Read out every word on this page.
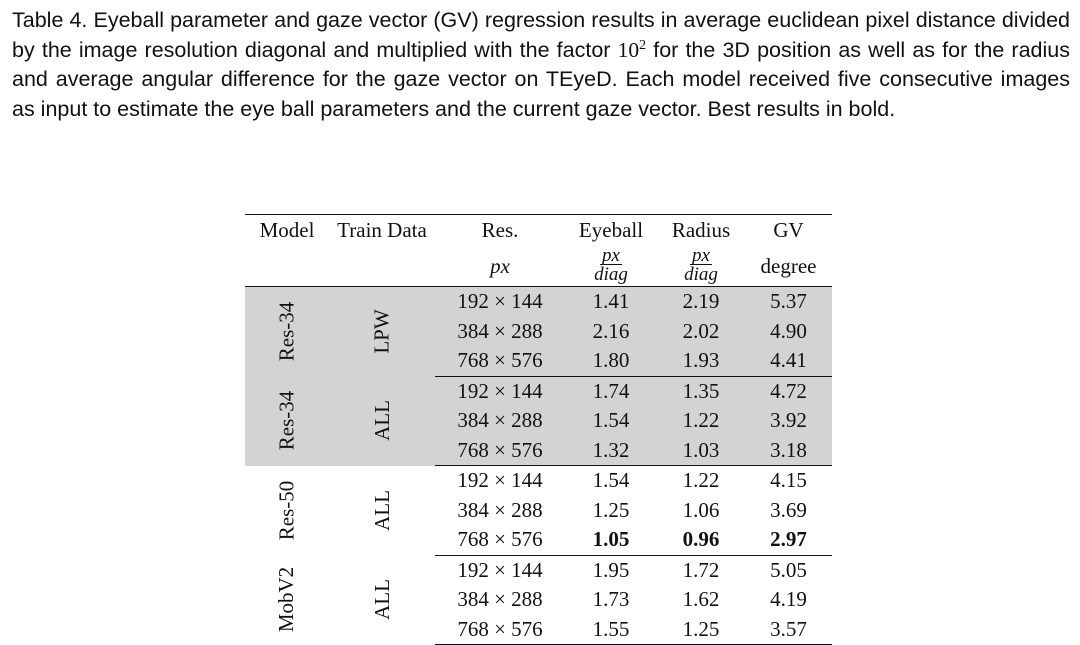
Table 4. Eyeball parameter and gaze vector (GV) regression results in average euclidean pixel distance divided by the image resolution diagonal and multiplied with the factor $10^2$ for the 3D position as well as for the radius and average angular difference for the gaze vector on TEyeD. Each model received five consecutive images as input to estimate the eye ball parameters and the current gaze vector. Best results in bold.

Model	Train Data	Res.	Eyeball	Radius	GV
		px	$\frac{px}{\text{diag}}$	$\frac{px}{\text{diag}}$	degree
Res-34	LPW	192 × 144	1.41	2.19	5.37
		384 × 288	2.16	2.02	4.90
		768 × 576	1.80	1.93	4.41
Res-34	ALL	192 × 144	1.74	1.35	4.72
		384 × 288	1.54	1.22	3.92
		768 × 576	1.32	1.03	3.18
Res-50	ALL	192 × 144	1.54	1.22	4.15
		384 × 288	1.25	1.06	3.69
		768 × 576	1.05	0.96	2.97
MobV2	ALL	192 × 144	1.95	1.72	5.05
		384 × 288	1.73	1.62	4.19
		768 × 576	1.55	1.25	3.57
